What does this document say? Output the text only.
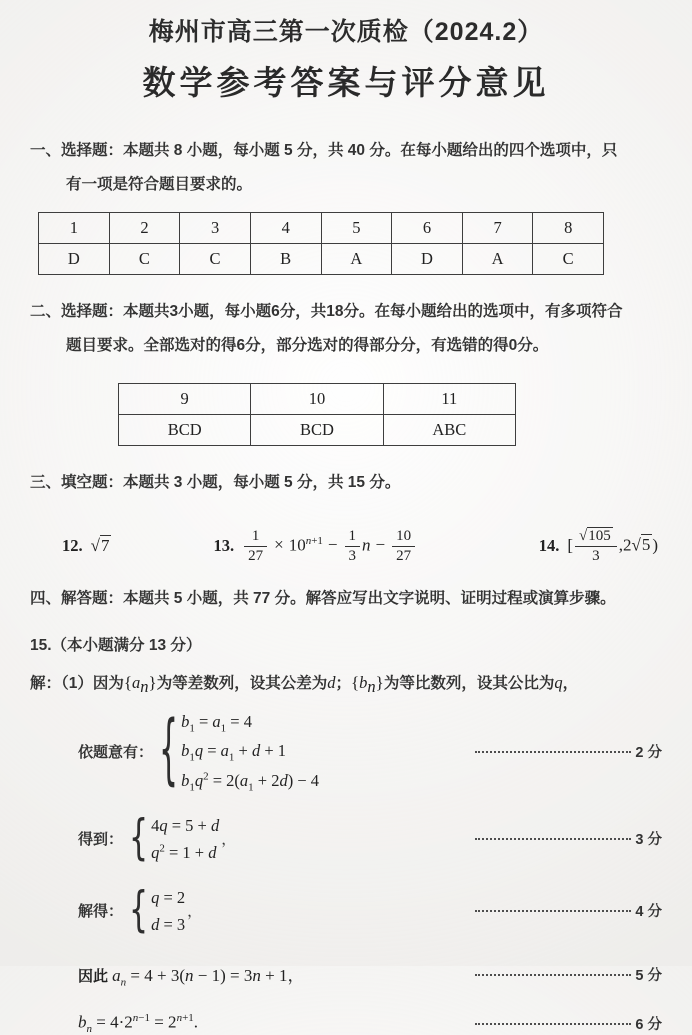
梅州市高三第一次质检（2024.2）
数学参考答案与评分意见
一、选择题：本题共 8 小题，每小题 5 分，共 40 分。在每小题给出的四个选项中，只
有一项是符合题目要求的。
1	2	3	4	5	6	7	8
D	C	C	B	A	D	A	C
二、选择题：本题共3小题，每小题6分，共18分。在每小题给出的选项中，有多项符合
题目要求。全部选对的得6分，部分选对的得部分分，有选错的得0分。
9	10	11
BCD	BCD	ABC
三、填空题：本题共 3 小题，每小题 5 分，共 15 分。
12. √7	13. $\frac{1}{27} \times 10^{n+1} - \frac{1}{3}$ $n - \frac{10}{27}$	14. [ $\frac{√105}{3} ,2√5$ )
四、解答题：本题共 5 小题，共 77 分。解答应写出文字说明、证明过程或演算步骤。
15.（本小题满分 13 分）
解：（1）因为$\{a_n\}$为等差数列，设其公差为d；$\{b_n\}$为等比数列，设其公比为q，
依题意有： { $b_1 = a_1 = 4$
$b_1q = a_1 + d + 1$
$b_1q^2 = 2(a_1 + 2d) - 4$
2 分
得到： { 4q = 5 + d
$q^2 = 1 + d$
，	3 分
解得： { q = 2
d = 3
，	4 分
因此 $a_n = 4 + 3(n - 1) = 3n + 1$，	5 分
$b_n = 4\cdot 2^{n-1} = 2^{n+1}$.	6 分
